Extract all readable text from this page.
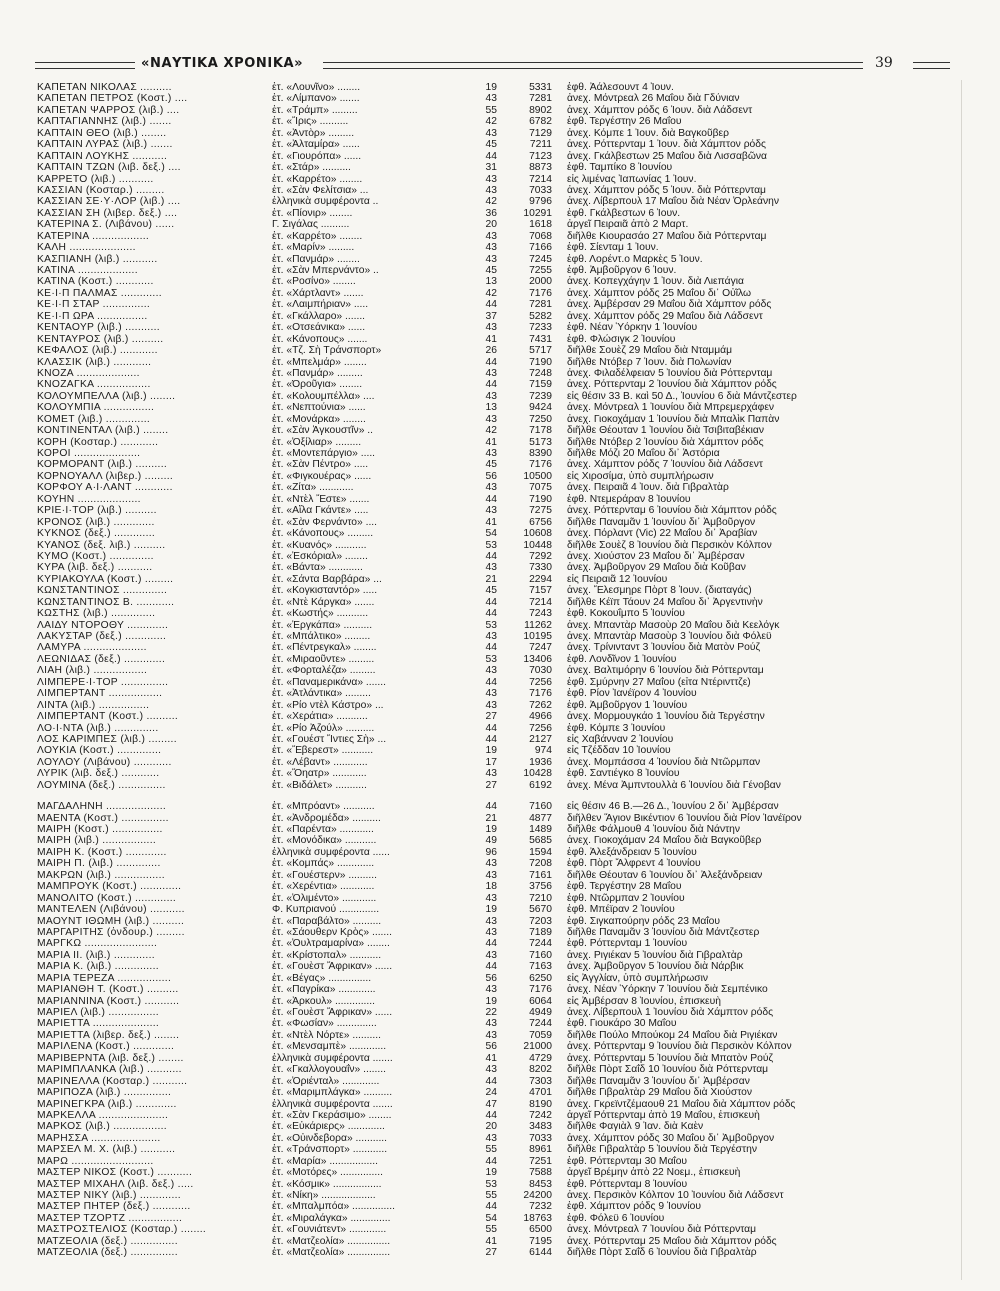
«ΝΑΥΤΙΚΑ ΧΡΟΝΙΚΑ»	39
ΚΑΠΕΤΑΝ ΝΙΚΟΛΑΣ ..........	ἐτ. «Λουνῖνο» ........	19	5331 ἐφθ. Ἀάλεσουντ 4 Ἰουν.
ΚΑΠΕΤΑΝ ΠΕΤΡΟΣ (Κοστ.) ....	ἐτ. «Λίμπανο» .......	43	7281 ἀνεχ. Μόντρεαλ 26 Μαΐου διὰ Γδύνιαν
ΚΑΠΕΤΑΝ ΨΑΡΡΟΣ (λιβ.) ....	ἐτ. «Τράμπ» .........	55	8902 ἀνεχ. Χάμπτον ρόδς 6 Ἰουν. διὰ Λάδσεντ
ΚΑΠΤΑΓΙΑΝΝΗΣ (λιβ.) .......	ἐτ. «Ἴρις» ..........	42	6782 ἐφθ. Τεργέστην 26 Μαΐου
ΚΑΠΤΑΙΝ ΘΕΟ (λιβ.) ........	ἐτ. «Ἀντὸρ» .........	43	7129 ἀνεχ. Κόμπε 1 Ἰουν. διὰ Βαγκοῦβερ
ΚΑΠΤΑΙΝ ΛΥΡΑΣ (λιβ.) .......	ἐτ. «Ἀλταμίρα» ......	45	7211 ἀνεχ. Ρόττερνταμ 1 Ἰουν. διὰ Χάμπτον ρόδς
ΚΑΠΤΑΙΝ ΛΟΥΚΗΣ ...........	ἐτ. «Γιουρόπα» ......	44	7123 ἀνεχ. Γκάλβεστων 25 Μαΐου διὰ Λισσαβῶνα
ΚΑΠΤΑΙΝ ΤΖΩΝ (λιβ. δεξ.) ....	ἐτ. «Στάρ» ..........	31	8873 ἐφθ. Ταμπίκο 8 Ἰουνίου
ΚΑΡΡΕΤΟ (λιβ.) ...........	ἐτ. «Καρρέτο» ........	43	7214 εἰς λιμένας Ἰαπωνίας 1 Ἰουν.
ΚΑΣΣΙΑΝ (Κοσταρ.) .........	ἐτ. «Σὰν Φελίτσια» ...	43	7033 ἀνεχ. Χάμπτον ρόδς 5 Ἰουν. διὰ Ρόττερνταμ
ΚΑΣΣΙΑΝ ΣΕ·Υ·ΛΟΡ (λιβ.) ....	ἑλληνικὰ συμφέροντα ..	42	9796 ἀνεχ. Λίβερπουλ 17 Μαΐου διὰ Νέαν Ὀρλεάνην
ΚΑΣΣΙΑΝ ΣΗ (λιβερ. δεξ.) ....	ἐτ. «Πίονιρ» ........	36	10291 ἐφθ. Γκάλβεστων 6 Ἰουν.
ΚΑΤΕΡΙΝΑ Σ. (Λιβάνου) ......	Γ. Σιγάλας ..........	20	1618 ἀργεῖ Πειραιᾶ ἀπὸ 2 Μαρτ.
ΚΑΤΕΡΙΝΑ ..................	ἐτ. «Καρρέτο» ........	43	7068 διῆλθε Κιουρασάο 27 Μαΐου διὰ Ρόττερνταμ
ΚΑΛΗ .....................	ἐτ. «Μαρίν» .........	43	7166 ἐφθ. Σίενταμ 1 Ἰουν.
ΚΑΣΠΙΑΝΗ (λιβ.) ...........	ἐτ. «Πανμάρ» ........	43	7245 ἐφθ. Λορέντ.ο Μαρκὲς 5 Ἰουν.
ΚΑΤΙΝΑ ...................	ἐτ. «Σὰν Μπερνάντο» ..	45	7255 ἐφθ. Ἀμβοῦργον 6 Ἰουν.
ΚΑΤΙΝΑ (Κοστ.) ............	ἐτ. «Ροσίνο» ........	13	2000 ἀνεχ. Κοπεγχάγην 1 Ἰουν. διὰ Λιεπάγια
ΚΕ·Ι·Π ΠΑΛΜΑΣ .............	ἐτ. «Χάρτλαντ» .......	42	7176 ἀνεχ. Χάμπτον ρόδς 25 Μαΐου δι᾽ Οὐῖλω
ΚΕ·Ι·Π ΣΤΑΡ ...............	ἐτ. «Λαιμπήριαν» .....	44	7281 ἀνεχ. Ἀμβέρσαν 29 Μαΐου διὰ Χάμπτον ρόδς
ΚΕ·Ι·Π ΩΡΑ ................	ἐτ. «Γκάλλαρο» .......	37	5282 ἀνεχ. Χάμπτον ρόδς 29 Μαΐου διὰ Λάδσεντ
ΚΕΝΤΑΟΥΡ (λιβ.) ...........	ἐτ. «Οτσεάνικα» ......	43	7233 ἐφθ. Νέαν Ὑόρκην 1 Ἰουνίου
ΚΕΝΤΑΥΡΟΣ (λιβ.) ..........	ἐτ. «Κάνοπους» .......	41	7431 ἐφθ. Φλώσιγκ 2 Ἰουνίου
ΚΕΦΑΛΟΣ (λιβ.) ............	ἐτ. «Τζ. Σὴ Τράνσπορτ»	26	5717 διῆλθε Σουὲζ 29 Μαΐου διὰ Νταμμάμ
ΚΛΑΣΣΙΚ (λιβ.) ............	ἐτ. «Μπελμάρ» ........	44	7190 διῆλθε Ντόβερ 7 Ἰουν. διὰ Πολωνίαν
ΚΝΟΖΑ ....................	ἐτ. «Πανμάρ» .........	43	7248 ἀνεχ. Φιλαδέλφειαν 5 Ἰουνίου διὰ Ρόττερνταμ
ΚΝΟΖΑΓΚΑ .................	ἐτ. «Όροῦγια» ........	44	7159 ἀνεχ. Ρόττερνταμ 2 Ἰουνίου διὰ Χάμπτον ρόδς
ΚΟΛΟΥΜΠΕΛΛΑ (λιβ.) ........	ἐτ. «Κολουμπέλλα» ....	43	7239 εἰς θέσιν 33 Β. καὶ 50 Δ., Ἰουνίου 6 διὰ Μάντζεστερ
ΚΟΛΟΥΜΠΙΑ ................	ἐτ. «Νεπτούνια» ......	13	9424 ἀνεχ. Μόντρεαλ 1 Ἰουνίου διὰ Μπρεμερχάφεν
ΚΟΜΕΤ (λιβ.) ..............	ἐτ. «Μονάρκα» ........	43	7250 ἀνεχ. Γιοκοχάμαν 1 Ἰουνίου διὰ Μπαλὶκ Παπὰν
ΚΟΝΤΙΝΕΝΤΑΛ (λιβ.) ........	ἐτ. «Σὰν Ἀγκουστῖν» ..	42	7178 διῆλθε Θέουταν 1 Ἰουνίου διὰ Τσιβιταβέκιαν
ΚΟΡΗ (Κοσταρ.) ............	ἐτ. «Ὀξίλιαρ» .........	41	5173 διῆλθε Ντόβερ 2 Ἰουνίου διὰ Χάμπτον ρόδς
ΚΟΡΟΙ .....................	ἐτ. «Μοντεπάργιο» .....	43	8390 διῆλθε Μόζι 20 Μαΐου δι᾽ Ἀστόρια
ΚΟΡΜΟΡΑΝΤ (λιβ.) ..........	ἐτ. «Σὰν Πέντρο» .....	45	7176 ἀνεχ. Χάμπτον ρόδς 7 Ἰουνίου διὰ Λάδσεντ
ΚΟΡΝΟΥΑΛΛ (λιβερ.) .........	ἐτ. «Φιγκουέρας» ......	56	10500 εἰς Χιροσίμα, ὑπὸ συμπλήρωσιν
ΚΟΡΦΟΥ Α·Ι·ΛΑΝΤ ............	ἐτ. «Ζίτα» ............	43	7075 ἀνεχ. Πειραιᾶ 4 Ἰουν. διὰ Γιβραλτὰρ
ΚΟΥΗΝ ....................	ἐτ. «Ντὲλ Ἔστε» .......	44	7190 ἐφθ. Ντεμεράραν 8 Ἰουνίου
ΚΡΙΕ·Ι·ΤΟΡ (λιβ.) ..........	ἐτ. «Αἴλα Γκάντε» .....	43	7275 ἀνεχ. Ρόττερνταμ 6 Ἰουνίου διὰ Χάμπτον ρόδς
ΚΡΟΝΟΣ (λιβ.) .............	ἐτ. «Σὰν Φερνάντο» ....	41	6756 διῆλθε Παναμᾶν 1 Ἰουνίου δι᾽ Ἀμβοῦργον
ΚΥΚΝΟΣ (δεξ.) .............	ἐτ. «Κάνοπους» .........	54	10608 ἀνεχ. Πόρλαντ (Vic) 22 Μαΐου δι᾽ Ἀραβίαν
ΚΥΑΝΟΣ (δεξ. λιβ.) ..........	ἐτ. «Κυανός» ...........	53	10448 διῆλθε Σουὲζ 8 Ἰουνίου διὰ Περσικὸν Κόλπον
ΚΥΜΟ (Κοστ.) ..............	ἐτ. «Ἐσκόριαλ» ........	44	7292 ἀνεχ. Χιούστον 23 Μαΐου δι᾽ Ἀμβέρσαν
ΚΥΡΑ (λιβ. δεξ.) ...........	ἐτ. «Βάντα» ............	43	7330 ἀνεχ. Ἀμβοῦργον 29 Μαΐου διὰ Κοῦβαν
ΚΥΡΙΑΚΟΥΛΑ (Κοστ.) .........	ἐτ. «Σάντα Βαρβάρα» ...	21	2294 εἰς Πειραιᾶ 12 Ἰουνίου
ΚΩΝΣΤΑΝΤΙΝΟΣ ..............	ἐτ. «Κογκισταντόρ» .....	45	7157 ἀνεχ. Ἔλεσμηρε Πὸρτ 8 Ἰουν. (διαταγάς)
ΚΩΝΣΤΑΝΤΙΝΟΣ Β. ............	ἐτ. «Ντὲ Κάργκα» .......	44	7214 διῆλθε Κέϊπ Τάουν 24 Μαΐου δι᾽ Ἀργεντινὴν
ΚΩΣΤΗΣ (λιβ.) ..............	ἐτ. «Κωστής» ...........	44	7243 ἐφθ. Κοκουΐμπο 5 Ἰουνίου
ΛΑΙΔΥ ΝΤΟΡΟΘΥ .............	ἐτ. «Ἐργκάπα» ..........	53	11262 ἀνεχ. Μπαντὰρ Μασοὺρ 20 Μαΐου διὰ Κεελόγκ
ΛΑΚΥΣΤΑΡ (δεξ.) .............	ἐτ. «Μπάλτικο» .........	43	10195 ἀνεχ. Μπαντὰρ Μασοὺρ 3 Ἰουνίου διὰ Φόλεϋ
ΛΑΜΥΡΑ ....................	ἐτ. «Πέντρεγκαλ» ........	44	7247 ἀνεχ. Τρίνινταντ 3 Ἰουνίου διὰ Ματὸν Ρούζ
ΛΕΩΝΙΔΑΣ (δεξ.) .............	ἐτ. «Μιραοῦντε» .........	53	13406 ἐφθ. Λονδῖνον 1 Ἰουνίου
ΛΙΑΗ (λιβ.) .................	ἐτ. «Φορταλέζα» .........	43	7030 ἀνεχ. Βαλτιμόρην 6 Ἰουνίου διὰ Ρόττερνταμ
ΛΙΜΠΕΡΕ·Ι·ΤΟΡ ...............	ἐτ. «Παναμερικάνα» .......	44	7256 ἐφθ. Σμύρνην 27 Μαΐου (εἶτα Ντέρινττζε)
ΛΙΜΠΕΡΤΑΝΤ .................	ἐτ. «Ἀτλάντικα» .........	43	7176 ἐφθ. Ρίον Ἰανέϊρον 4 Ἰουνίου
ΛΙΝΤΑ (λιβ.) ................	ἐτ. «Ρίο ντὲλ Κάστρο» ...	43	7262 ἐφθ. Ἀμβοῦργον 1 Ἰουνίου
ΛΙΜΠΕΡΤΑΝΤ (Κοστ.) ..........	ἐτ. «Χεράτια» ...........	27	4966 ἀνεχ. Μορμουγκάο 1 Ἰουνίου διὰ Τεργέστην
ΛΟ·Ι·ΝΤΑ (λιβ.) ..............	ἐτ. «Ρίο Ἀζούλ» ..........	44	7256 ἐφθ. Κόμπε 3 Ἰουνίου
ΛΟΣ ΚΑΡΙΜΠΕΣ (λιβ.) .........	ἐτ. «Γουέστ Ἴντιες Σὴ» ...	44	2127 εἰς Χαβάνναν 2 Ἰουνίου
ΛΟΥΚΙΑ (Κοστ.) ..............	ἐτ. «Ἔβερεστ» ...........	19	974 εἰς Τζέδδαν 10 Ἰουνίου
ΛΟΥΛΟΥ (Λιβάνου) ............	ἐτ. «Λέβαντ» ............	17	1936 ἀνεχ. Μομπάσσα 4 Ἰουνίου διὰ Ντῶρμπαν
ΛΥΡΙΚ (λιβ. δεξ.) ............	ἐτ. «Ὅηατρ» ............	43	10428 ἐφθ. Σαντιέγκο 8 Ἰουνίου
ΛΟΥΜΙΝΑ (δεξ.) ...............	ἐτ. «Βιδάλετ» ...........	27	6192 ἀνεχ. Μένα Ἀμπντουλλὰ 6 Ἰουνίου διὰ Γένοβαν
ΜΑΓΔΑΛΗΝΗ ...................	ἐτ. «Μπρόαντ» ...........	44	7160 εἰς θέσιν 46 Β.—26 Δ., Ἰουνίου 2 δι᾽ Ἀμβέρσαν
ΜΑΕΝΤΑ (Κοστ.) ...............	ἐτ. «Ἀνδρομέδα» ..........	21	4877 διῆλθεν Ἅγιον Βικέντιον 6 Ἰουνίου διὰ Ρίον Ἰανέϊρον
ΜΑΙΡΗ (Κοστ.) ................	ἐτ. «Παρέντα» ............	19	1489 διῆλθε Φάλμουθ 4 Ἰουνίου διὰ Νάντην
ΜΑΙΡΗ (λιβ.) .................	ἐτ. «Μονόδικα» ...........	49	5685 ἀνεχ. Γιοκοχάμαν 24 Μαΐου διὰ Βαγκοῦβερ
ΜΑΙΡΗ Κ. (Κοστ.) .............	ἑλληνικὰ συμφέροντα ......	96	1594 ἐφθ. Ἀλεξάνδρειαν 5 Ἰουνίου
ΜΑΙΡΗ Π. (λιβ.) ..............	ἐτ. «Κομπάς» .............	43	7208 ἐφθ. Πὸρτ Ἄλφρεντ 4 Ἰουνίου
ΜΑΚΡΩΝ (λιβ.) ................	ἐτ. «Γουέστερν» ..........	43	7161 διῆλθε Θέουταν 6 Ἰουνίου δι᾽ Ἀλεξάνδρειαν
ΜΑΜΠΡΟΥΚ (Κοστ.) .............	ἐτ. «Χερέντια» ............	18	3756 ἐφθ. Τεργέστην 28 Μαΐου
ΜΑΝΟΛΙΤΟ (Κοστ.) .............	ἐτ. «Ὀλιμέντο» ............	43	7210 ἐφθ. Ντῶρμπαν 2 Ἰουνίου
ΜΑΝΤΕΛΕΝ (Λιβάνου) ...........	Φ. Κυπριανού ..............	19	5670 ἐφθ. Μπέϊραν 2 Ἰουνίου
ΜΑΟΥΝΤ ΙΘΩΜΗ (λιβ.) ..........	ἐτ. «Παραβάλτο» ..........	43	7203 ἐφθ. Σιγκαπούρην ρόδς 23 Μαΐου
ΜΑΡΓΑΡΙΤΗΣ (ὀνδουρ.) .........	ἐτ. «Σάουθερν Κρὸς» .......	43	7189 διῆλθε Παναμᾶν 3 Ἰουνίου διὰ Μάντζεστερ
ΜΑΡΓΚΩ .......................	ἐτ. «Ὀυλτραμαρίνα» ........	44	7244 ἐφθ. Ρόττερνταμ 1 Ἰουνίου
ΜΑΡΙΑ ΙΙ. (λιβ.) .............	ἐτ. «Κρίστοπαλ» ...........	43	7160 ἀνεχ. Ριγιέκαν 5 Ἰουνίου διὰ Γιβραλτὰρ
ΜΑΡΙΑ Κ. (λιβ.) ..............	ἐτ. «Γουὲστ Ἄφρικαν» ......	44	7163 ἀνεχ. Ἀμβοῦργον 5 Ἰουνίου διὰ Νάρβικ
ΜΑΡΙΑ ΤΕΡΕΖΑ .................	ἐτ. «Βέγας» ...............	56	6250 εἰς Ἀγγλίαν, ὑπὸ συμπλήρωσιν
ΜΑΡΙΑΝΘΗ Τ. (Κοστ.) ..........	ἐτ. «Παγρίκα» .............	43	7176 ἀνεχ. Νέαν Ὑόρκην 7 Ἰουνίου διὰ Σεμπένικο
ΜΑΡΙΑΝΝΙΝΑ (Κοστ.) ...........	ἐτ. «Ἀρκουλ» ..............	19	6064 εἰς Ἀμβέρσαν 8 Ἰουνίου, ἐπισκευὴ
ΜΑΡΙΕΛ (λιβ.) ................	ἐτ. «Γουὲστ Ἄφρικαν» ......	22	4949 ἀνεχ. Λίβερπουλ 1 Ἰουνίου διὰ Χάμπτον ρόδς
ΜΑΡΙΕΤΤΑ .....................	ἐτ. «Φωσίαν» ..............	43	7244 ἐφθ. Γιουκάρο 30 Μαΐου
ΜΑΡΙΕΤΤΑ (λιβερ. δεξ.) ........	ἐτ. «Ντὲλ Νόρτε» ..........	43	7059 διῆλθε Πούλο Μπούκομ 24 Μαΐου διὰ Ριγιέκαν
ΜΑΡΙΛΕΝΑ (Κοστ.) .............	ἐτ. «Μενσαμπὲ» .............	56	21000 ἀνεχ. Ρόττερνταμ 9 Ἰουνίου διὰ Περσικὸν Κόλπον
ΜΑΡΙΒΕΡΝΤΑ (λιβ. δεξ.) ........	ἑλληνικὰ συμφέροντα .......	41	4729 ἀνεχ. Ρόττερνταμ 5 Ἰουνίου διὰ Μπατὸν Ρούζ
ΜΑΡΙΜΠΛΑΝΚΑ (λιβ.) ...........	ἐτ. «Γκαλλογουαΐν» ........	43	8202 διῆλθε Πὸρτ Σαΐδ 10 Ἰουνίου διὰ Ρόττερνταμ
ΜΑΡΙΝΕΛΛΑ (Κοσταρ.) ...........	ἐτ. «Ὀριένταλ» .............	44	7303 διῆλθε Παναμᾶν 3 Ἰουνίου δι᾽ Ἀμβέρσαν
ΜΑΡΙΠΟΖΑ (λιβ.) ...............	ἐτ. «Μαριμπλάγκα» ..........	24	4701 διῆλθε Γιβραλτὰρ 29 Μαΐου διὰ Χιούστον
ΜΑΡΙΝΕΓΚΡΑ (λιβ.) .............	ἑλληνικὰ συμφέροντα .......	47	8190 ἀνεχ. Γκρεϊντζέμαουθ 21 Μαΐου διὰ Χάμπτον ρόδς
ΜΑΡΚΕΛΛΑ ......................	ἐτ. «Σὰν Γκεράσιμο» ........	44	7242 ἀργεῖ Ρόττερνταμ ἀπὸ 19 Μαΐου, ἐπισκευὴ
ΜΑΡΚΟΣ (λιβ.) .................	ἐτ. «Εὐκάριερς» .............	20	3483 διῆλθε Φαγιὰλ 9 Ἰαν. διὰ Καὲν
ΜΑΡΗΣΣΑ ......................	ἐτ. «Οὐινδεβορα» ...........	43	7033 ἀνεχ. Χάμπτον ρόδς 30 Μαΐου δι᾽ Ἀμβοῦργον
ΜΑΡΣΕΛ Μ. Χ. (λιβ.) ...........	ἐτ. «Τράνσπορτ» ............	55	8961 διῆλθε Γιβραλτὰρ 5 Ἰουνίου διὰ Τεργέστην
ΜΑΡΩ ..........................	ἐτ. «Μαρία» .................	44	7251 ἐφθ. Ρόττερνταμ 30 Μαΐου
ΜΑΣΤΕΡ ΝΙΚΟΣ (Κοστ.) ...........	ἐτ. «Μοτόρες» ...............	19	7588 ἀργεῖ Βρέμην ἀπὸ 22 Νοεμ., ἐπισκευὴ
ΜΑΣΤΕΡ ΜΙΧΑΗΛ (λιβ. δεξ.) .....	ἐτ. «Κόσμικ» .................	53	8453 ἐφθ. Ρόττερνταμ 8 Ἰουνίου
ΜΑΣΤΕΡ ΝΙΚΥ (λιβ.) .............	ἐτ. «Νίκη» ...................	55	24200 ἀνεχ. Περσικὸν Κόλπον 10 Ἰουνίου διὰ Λάδσεντ
ΜΑΣΤΕΡ ΠΗΤΕΡ (δεξ.) ............	ἐτ. «Μπαλμπόα» ...............	44	7232 ἐφθ. Χάμπτον ρόδς 9 Ἰουνίου
ΜΑΣΤΕΡ ΤΖΟΡΤΖ .................	ἐτ. «Μιραλάγκα» ..............	54	18763 ἐφθ. Φόλεϋ 6 Ἰουνίου
ΜΑΣΤΡΟΣΤΕΛΙΟΣ (Κοσταρ.) ........	ἐτ. «Γουνιάτεντ» .............	55	6500 ἀνεχ. Μόντρεαλ 7 Ἰουνίου διὰ Ρόττερνταμ
ΜΑΤΖΕΟΛΙΑ (δεξ.) ...............	ἐτ. «Ματζεολία» ...............	41	7195 ἀνεχ. Ρόττερνταμ 25 Μαΐου διὰ Χάμπτον ρόδς
ΜΑΤΖΕΟΛΙΑ (δεξ.) ...............	ἐτ. «Ματζεολία» ...............	27	6144 διῆλθε Πὸρτ Σαΐδ 6 Ἰουνίου διὰ Γιβραλτὰρ
